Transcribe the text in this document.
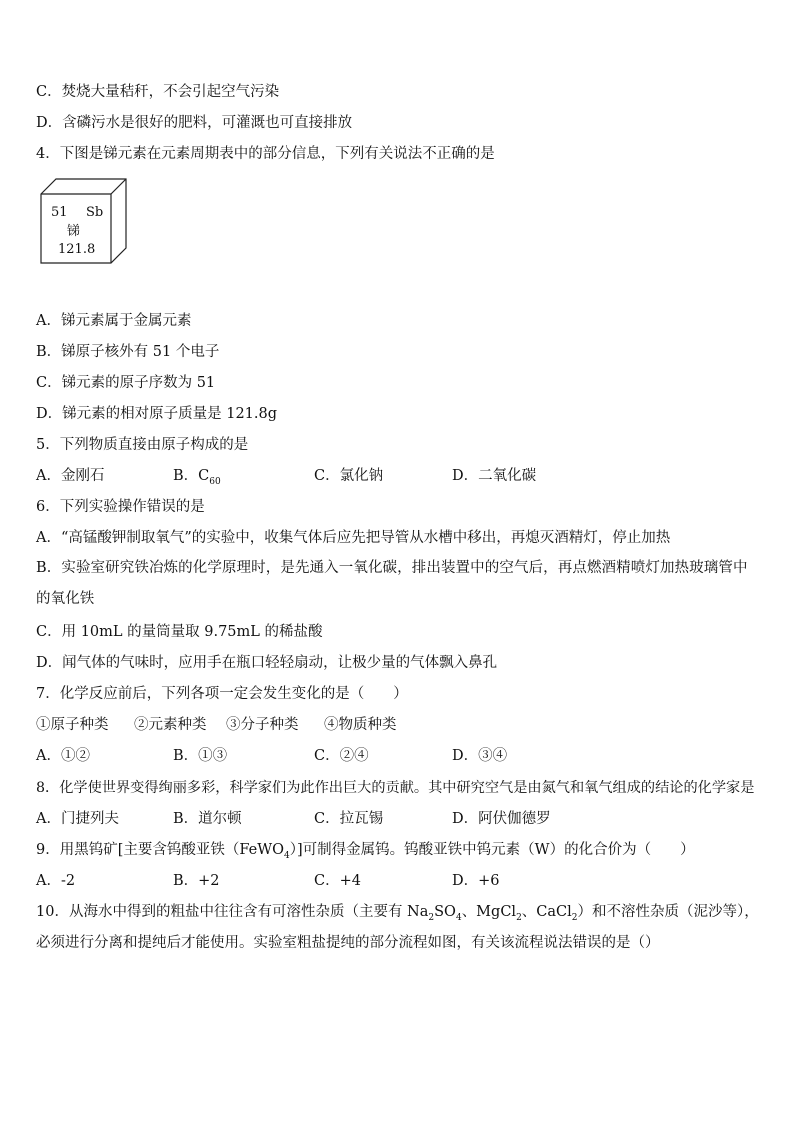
C．焚烧大量秸秆，不会引起空气污染
D．含磷污水是很好的肥料，可灌溉也可直接排放
4．下图是锑元素在元素周期表中的部分信息，下列有关说法不正确的是
51 Sb
锑
121.8
A．锑元素属于金属元素
B．锑原子核外有 51 个电子
C．锑元素的原子序数为 51
D．锑元素的相对原子质量是 121.8g
5．下列物质直接由原子构成的是
A．金刚石	B．$C_{60}$	C．氯化钠	D．二氧化碳
6．下列实验操作错误的是
A．“高锰酸钾制取氧气”的实验中，收集气体后应先把导管从水槽中移出，再熄灭酒精灯，停止加热
B．实验室研究铁冶炼的化学原理时，是先通入一氧化碳，排出装置中的空气后，再点燃酒精喷灯加热玻璃管中的氧化铁
C．用 10mL 的量筒量取 9.75mL 的稀盐酸
D．闻气体的气味时，应用手在瓶口轻轻扇动，让极少量的气体飘入鼻孔
7．化学反应前后，下列各项一定会发生变化的是（　　）
①原子种类 ②元素种类 ③分子种类 ④物质种类
A．①②	B．①③	C．②④	D．③④
8．化学使世界变得绚丽多彩，科学家们为此作出巨大的贡献。其中研究空气是由氮气和氧气组成的结论的化学家是
A．门捷列夫	B．道尔顿	C．拉瓦锡	D．阿伏伽德罗
9．用黑钨矿[主要含钨酸亚铁（FeWO$_4$）]可制得金属钨。钨酸亚铁中钨元素（W）的化合价为（　　）
A．-2	B．+2	C．+4	D．+6
10．从海水中得到的粗盐中往往含有可溶性杂质（主要有 $Na_2SO_4$、MgCl$_2$、CaCl$_2$）和不溶性杂质（泥沙等），必须进行分离和提纯后才能使用。实验室粗盐提纯的部分流程如图，有关该流程说法错误的是（）
